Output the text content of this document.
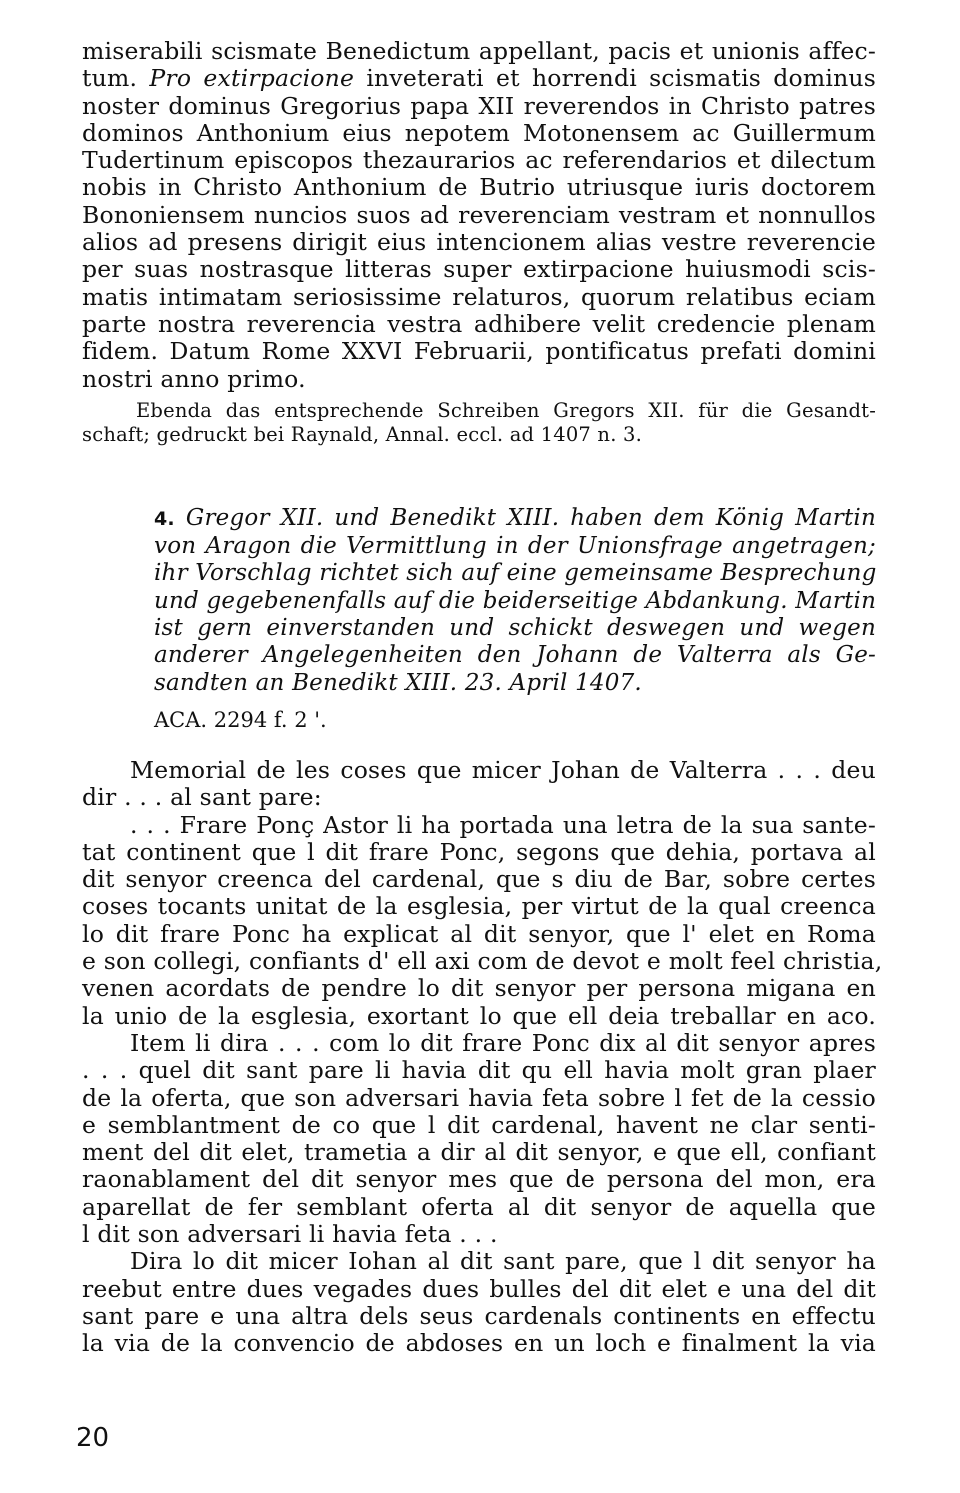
miserabili scismate Benedictum appellant, pacis et unionis affec-
tum. Pro extirpacione inveterati et horrendi scismatis dominus
noster dominus Gregorius papa XII reverendos in Christo patres
dominos Anthonium eius nepotem Motonensem ac Guillermum
Tudertinum episcopos thezaurarios ac referendarios et dilectum
nobis in Christo Anthonium de Butrio utriusque iuris doctorem
Bononiensem nuncios suos ad reverenciam vestram et nonnullos
alios ad presens dirigit eius intencionem alias vestre reverencie
per suas nostrasque litteras super extirpacione huiusmodi scis-
matis intimatam seriosissime relaturos, quorum relatibus eciam
parte nostra reverencia vestra adhibere velit credencie plenam
fidem. Datum Rome XXVI Februarii, pontificatus prefati domini
nostri anno primo.
Ebenda das entsprechende Schreiben Gregors XII. für die Gesandt-
schaft; gedruckt bei Raynald, Annal. eccl. ad 1407 n. 3.
4. Gregor XII. und Benedikt XIII. haben dem König Martin
von Aragon die Vermittlung in der Unionsfrage angetragen;
ihr Vorschlag richtet sich auf eine gemeinsame Besprechung
und gegebenenfalls auf die beiderseitige Abdankung. Martin
ist gern einverstanden und schickt deswegen und wegen
anderer Angelegenheiten den Johann de Valterra als Ge-
sandten an Benedikt XIII. 23. April 1407.
ACA. 2294 f. 2 '.
Memorial de les coses que micer Johan de Valterra . . . deu
dir . . . al sant pare:
. . . Frare Ponç Astor li ha portada una letra de la sua sante-
tat continent que l dit frare Ponc, segons que dehia, portava al
dit senyor creenca del cardenal, que s diu de Bar, sobre certes
coses tocants unitat de la esglesia, per virtut de la qual creenca
lo dit frare Ponc ha explicat al dit senyor, que l' elet en Roma
e son collegi, confiants d' ell axi com de devot e molt feel christia,
venen acordats de pendre lo dit senyor per persona migana en
la unio de la esglesia, exortant lo que ell deia treballar en aco.
Item li dira . . . com lo dit frare Ponc dix al dit senyor apres
. . . quel dit sant pare li havia dit qu ell havia molt gran plaer
de la oferta, que son adversari havia feta sobre l fet de la cessio
e semblantment de co que l dit cardenal, havent ne clar senti-
ment del dit elet, trametia a dir al dit senyor, e que ell, confiant
raonablament del dit senyor mes que de persona del mon, era
aparellat de fer semblant oferta al dit senyor de aquella que
l dit son adversari li havia feta . . .
Dira lo dit micer Iohan al dit sant pare, que l dit senyor ha
reebut entre dues vegades dues bulles del dit elet e una del dit
sant pare e una altra dels seus cardenals continents en effectu
la via de la convencio de abdoses en un loch e finalment la via
20
